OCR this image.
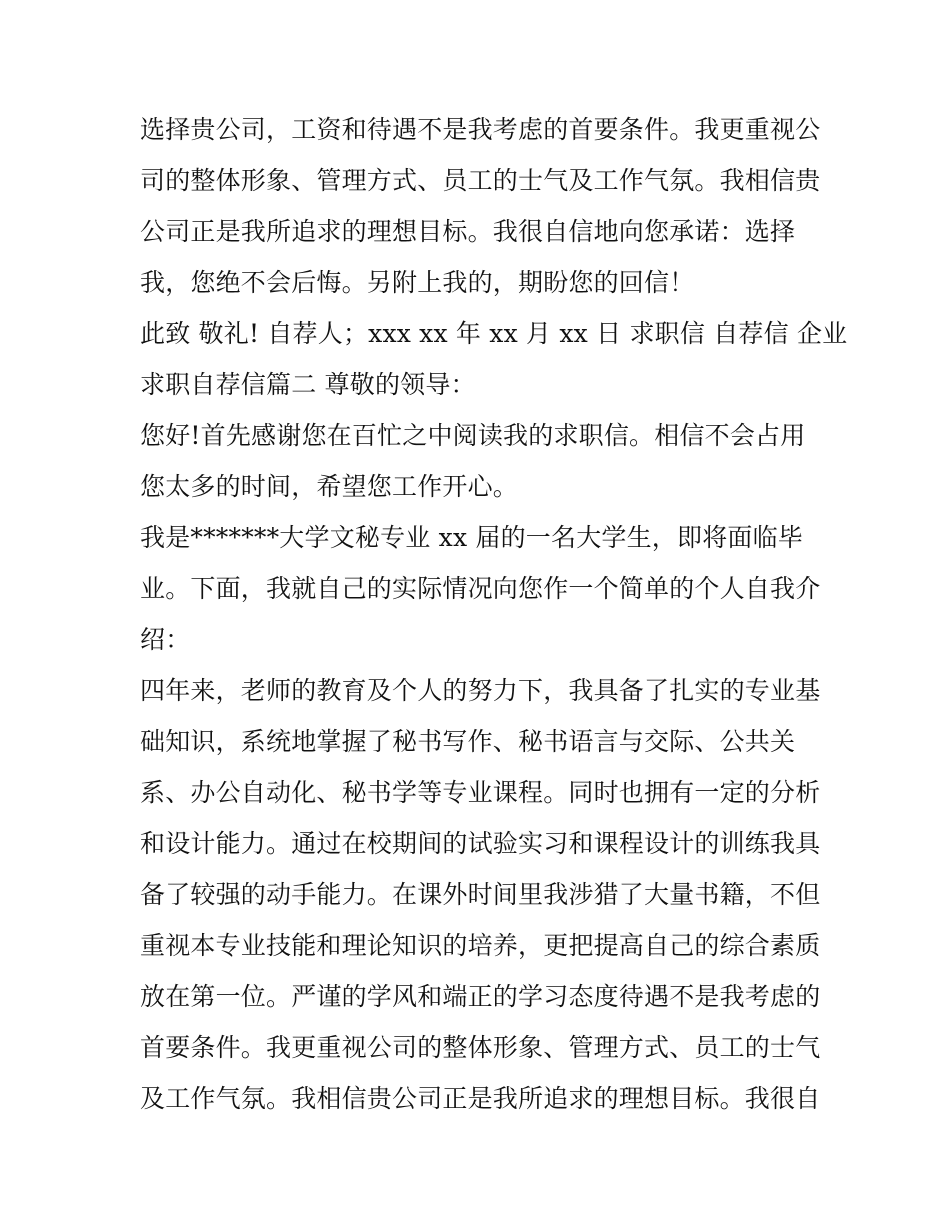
选择贵公司，工资和待遇不是我考虑的首要条件。我更重视公
司的整体形象、管理方式、员工的士气及工作气氛。我相信贵
公司正是我所追求的理想目标。我很自信地向您承诺：选择
我，您绝不会后悔。另附上我的，期盼您的回信！
此致 敬礼! 自荐人；xxx xx 年 xx 月 xx 日 求职信 自荐信 企业
求职自荐信篇二 尊敬的领导：
您好!首先感谢您在百忙之中阅读我的求职信。相信不会占用
您太多的时间，希望您工作开心。
我是*******大学文秘专业 xx 届的一名大学生，即将面临毕
业。下面，我就自己的实际情况向您作一个简单的个人自我介
绍：
四年来，老师的教育及个人的努力下，我具备了扎实的专业基
础知识，系统地掌握了秘书写作、秘书语言与交际、公共关
系、办公自动化、秘书学等专业课程。同时也拥有一定的分析
和设计能力。通过在校期间的试验实习和课程设计的训练我具
备了较强的动手能力。在课外时间里我涉猎了大量书籍，不但
重视本专业技能和理论知识的培养，更把提高自己的综合素质
放在第一位。严谨的学风和端正的学习态度待遇不是我考虑的
首要条件。我更重视公司的整体形象、管理方式、员工的士气
及工作气氛。我相信贵公司正是我所追求的理想目标。我很自
